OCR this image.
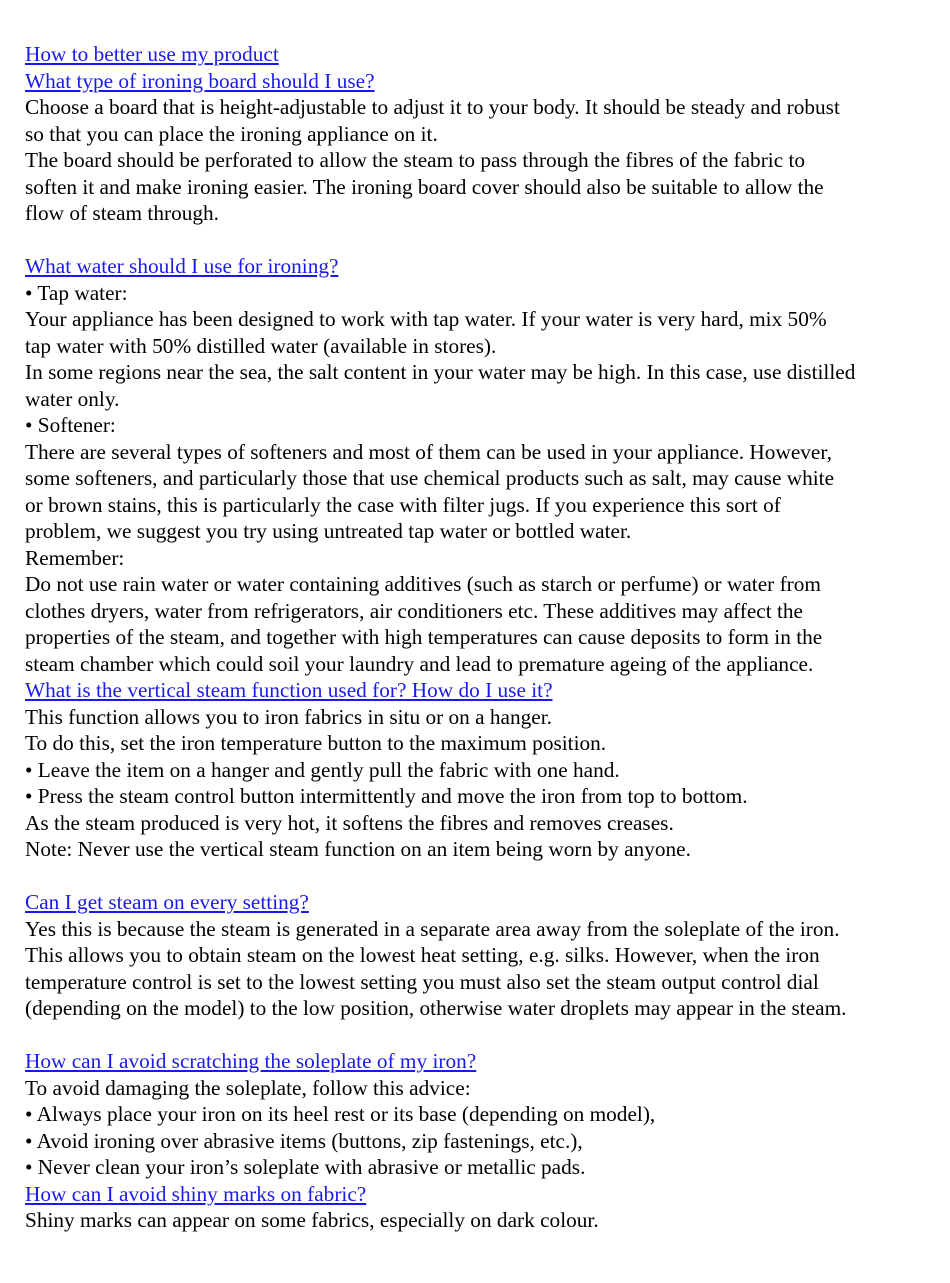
How to better use my product
What type of ironing board should I use?
Choose a board that is height-adjustable to adjust it to your body. It should be steady and robust
so that you can place the ironing appliance on it.
The board should be perforated to allow the steam to pass through the fibres of the fabric to
soften it and make ironing easier. The ironing board cover should also be suitable to allow the
flow of steam through.
What water should I use for ironing?
• Tap water:
Your appliance has been designed to work with tap water. If your water is very hard, mix 50%
tap water with 50% distilled water (available in stores).
In some regions near the sea, the salt content in your water may be high. In this case, use distilled
water only.
• Softener:
There are several types of softeners and most of them can be used in your appliance. However,
some softeners, and particularly those that use chemical products such as salt, may cause white
or brown stains, this is particularly the case with filter jugs. If you experience this sort of
problem, we suggest you try using untreated tap water or bottled water.
Remember:
Do not use rain water or water containing additives (such as starch or perfume) or water from
clothes dryers, water from refrigerators, air conditioners etc. These additives may affect the
properties of the steam, and together with high temperatures can cause deposits to form in the
steam chamber which could soil your laundry and lead to premature ageing of the appliance.
What is the vertical steam function used for? How do I use it?
This function allows you to iron fabrics in situ or on a hanger.
To do this, set the iron temperature button to the maximum position.
• Leave the item on a hanger and gently pull the fabric with one hand.
• Press the steam control button intermittently and move the iron from top to bottom.
As the steam produced is very hot, it softens the fibres and removes creases.
Note: Never use the vertical steam function on an item being worn by anyone.
Can I get steam on every setting?
Yes this is because the steam is generated in a separate area away from the soleplate of the iron.
This allows you to obtain steam on the lowest heat setting, e.g. silks. However, when the iron
temperature control is set to the lowest setting you must also set the steam output control dial
(depending on the model) to the low position, otherwise water droplets may appear in the steam.
How can I avoid scratching the soleplate of my iron?
To avoid damaging the soleplate, follow this advice:
• Always place your iron on its heel rest or its base (depending on model),
• Avoid ironing over abrasive items (buttons, zip fastenings, etc.),
• Never clean your iron’s soleplate with abrasive or metallic pads.
How can I avoid shiny marks on fabric?
Shiny marks can appear on some fabrics, especially on dark colour.
